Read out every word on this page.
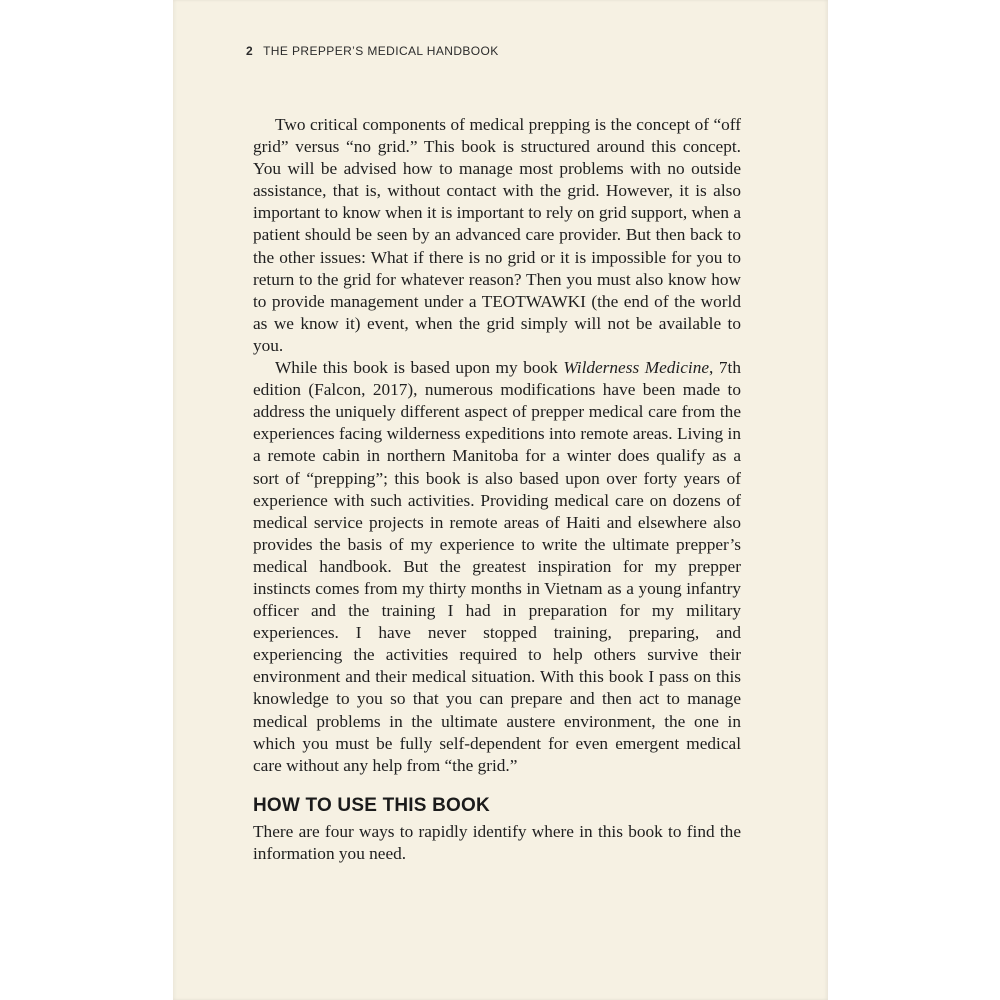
2 THE PREPPER’S MEDICAL HANDBOOK

Two critical components of medical prepping is the concept of “off grid” versus “no grid.” This book is structured around this concept. You will be advised how to manage most problems with no outside assistance, that is, without contact with the grid. However, it is also important to know when it is important to rely on grid support, when a patient should be seen by an advanced care provider. But then back to the other issues: What if there is no grid or it is impossible for you to return to the grid for whatever reason? Then you must also know how to provide management under a TEOTWAWKI (the end of the world as we know it) event, when the grid simply will not be available to you.

While this book is based upon my book Wilderness Medicine, 7th edition (Falcon, 2017), numerous modifications have been made to address the uniquely different aspect of prepper medical care from the experiences facing wilderness expeditions into remote areas. Living in a remote cabin in northern Manitoba for a winter does qualify as a sort of “prepping”; this book is also based upon over forty years of experience with such activities. Providing medical care on dozens of medical service projects in remote areas of Haiti and elsewhere also provides the basis of my experience to write the ultimate prepper’s medical handbook. But the greatest inspiration for my prepper instincts comes from my thirty months in Vietnam as a young infantry officer and the training I had in preparation for my military experiences. I have never stopped training, preparing, and experiencing the activities required to help others survive their environment and their medical situation. With this book I pass on this knowledge to you so that you can prepare and then act to manage medical problems in the ultimate austere environment, the one in which you must be fully self-dependent for even emergent medical care without any help from “the grid.”

HOW TO USE THIS BOOK

There are four ways to rapidly identify where in this book to find the information you need.
